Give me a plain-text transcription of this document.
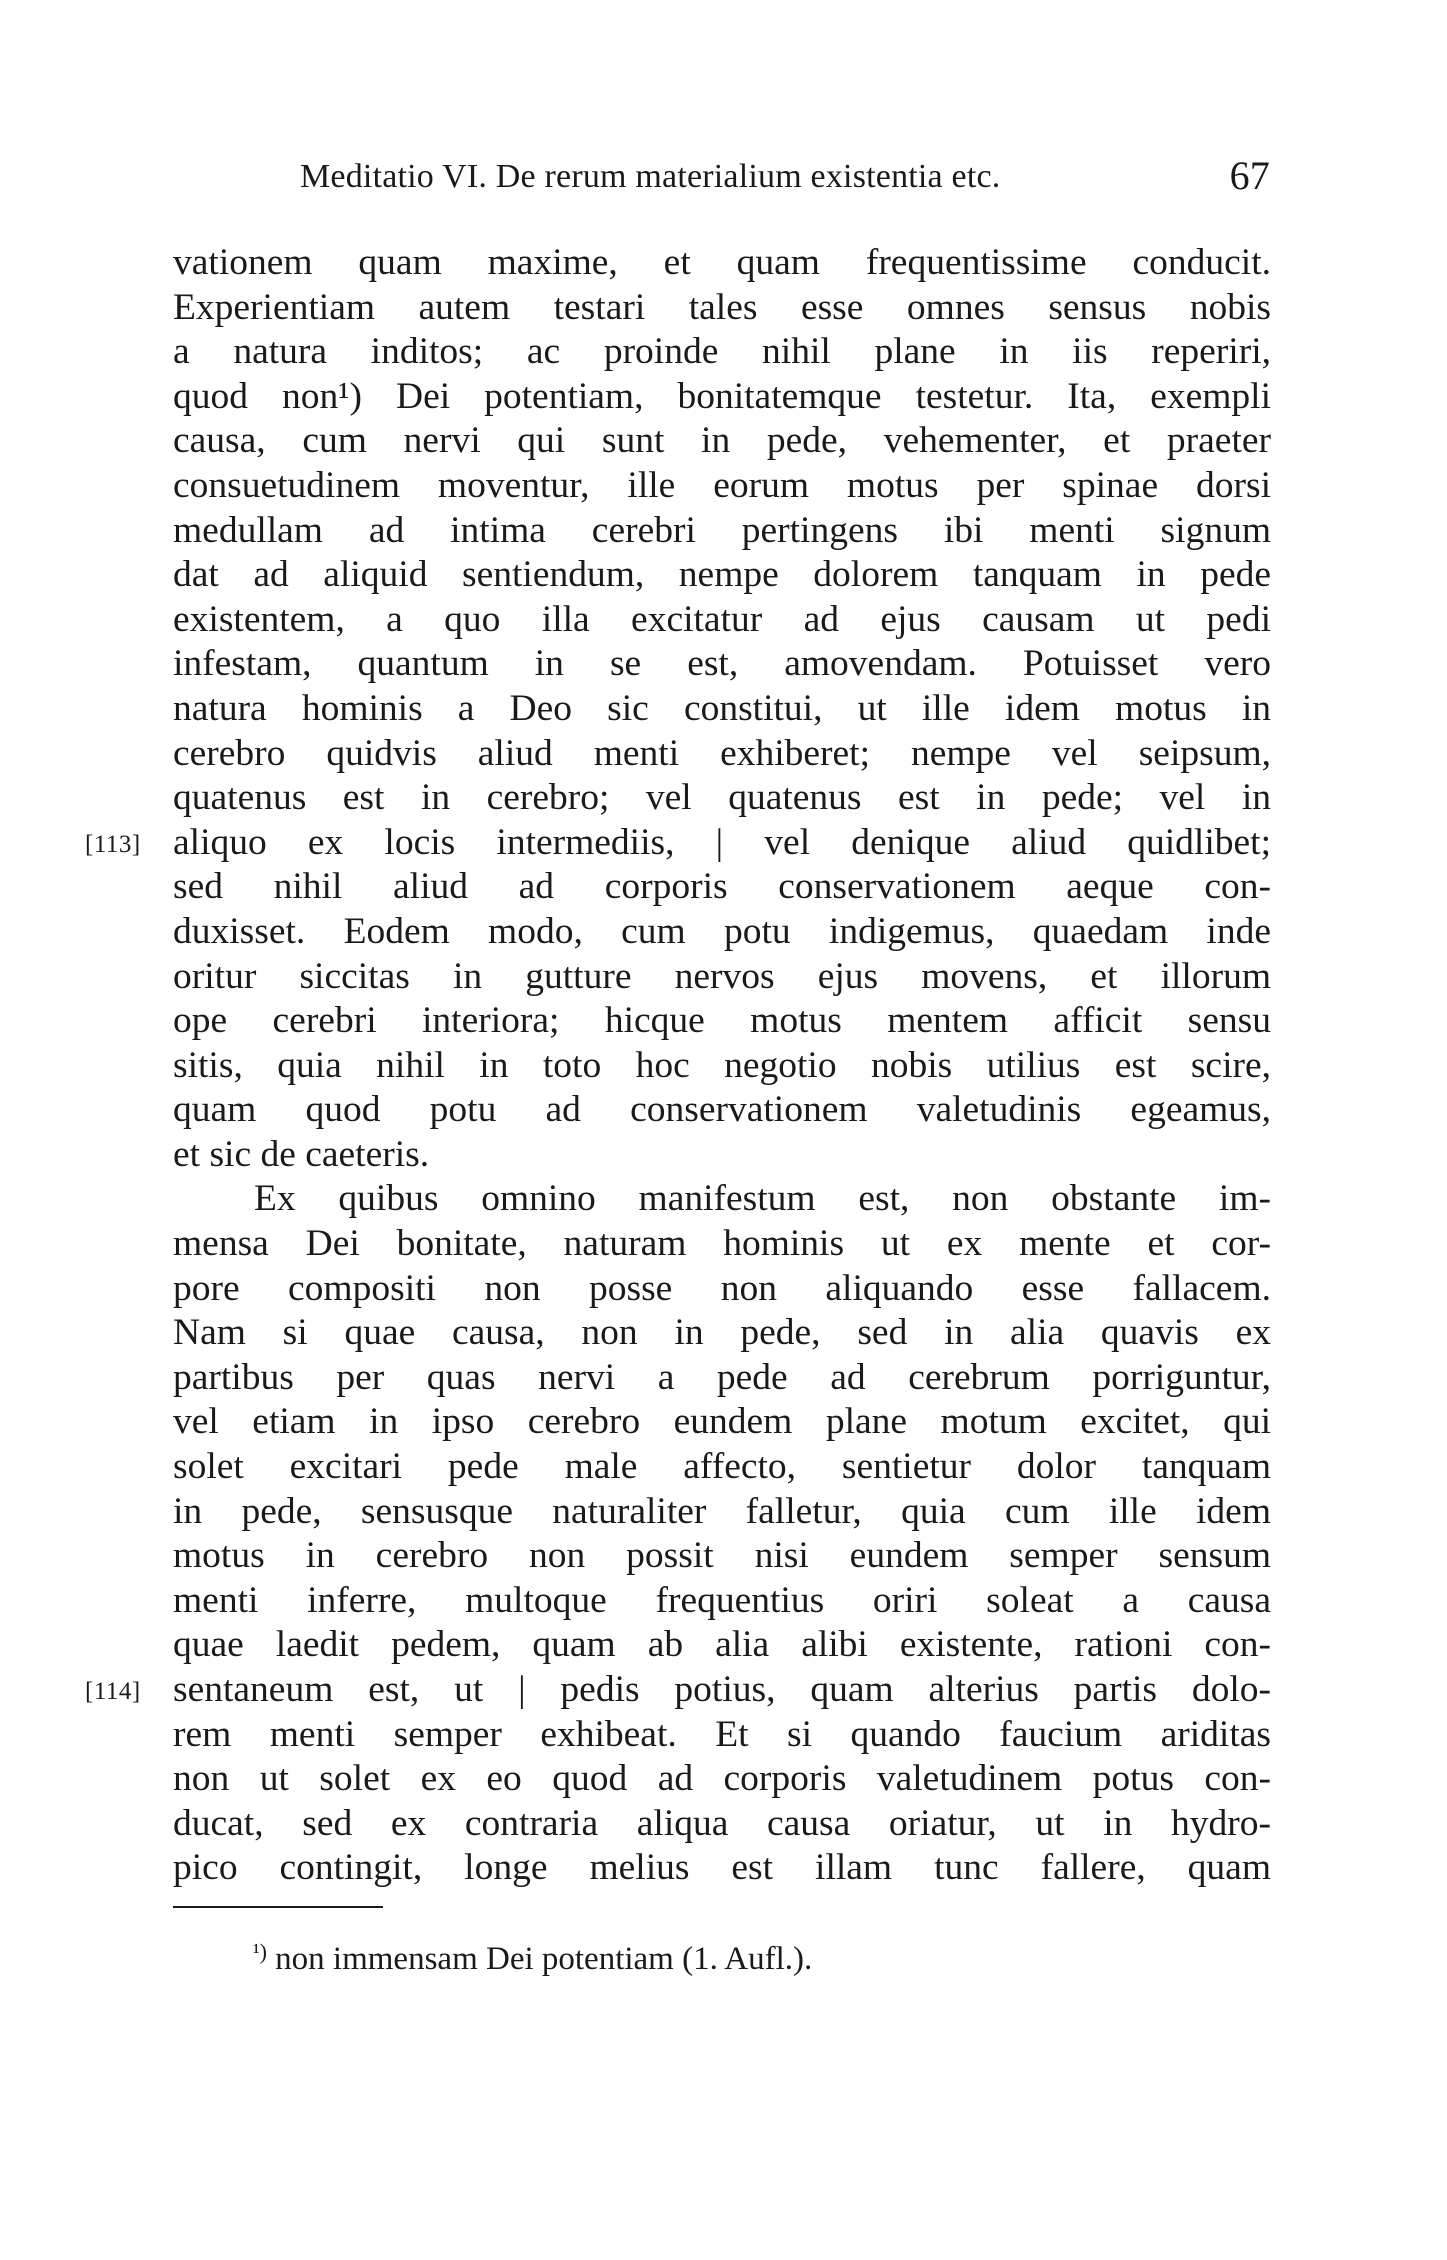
Meditatio VI. De rerum materialium existentia etc.	67
vationem quam maxime, et quam frequentissime conducit.
Experientiam autem testari tales esse omnes sensus nobis
a natura inditos; ac proinde nihil plane in iis reperiri,
quod non¹) Dei potentiam, bonitatemque testetur. Ita, exempli
causa, cum nervi qui sunt in pede, vehementer, et praeter
consuetudinem moventur, ille eorum motus per spinae dorsi
medullam ad intima cerebri pertingens ibi menti signum
dat ad aliquid sentiendum, nempe dolorem tanquam in pede
existentem, a quo illa excitatur ad ejus causam ut pedi
infestam, quantum in se est, amovendam. Potuisset vero
natura hominis a Deo sic constitui, ut ille idem motus in
cerebro quidvis aliud menti exhiberet; nempe vel seipsum,
quatenus est in cerebro; vel quatenus est in pede; vel in
[113] aliquo ex locis intermediis, | vel denique aliud quidlibet;
sed nihil aliud ad corporis conservationem aeque con-
duxisset. Eodem modo, cum potu indigemus, quaedam inde
oritur siccitas in gutture nervos ejus movens, et illorum
ope cerebri interiora; hicque motus mentem afficit sensu
sitis, quia nihil in toto hoc negotio nobis utilius est scire,
quam quod potu ad conservationem valetudinis egeamus,
et sic de caeteris.
Ex quibus omnino manifestum est, non obstante im-
mensa Dei bonitate, naturam hominis ut ex mente et cor-
pore compositi non posse non aliquando esse fallacem.
Nam si quae causa, non in pede, sed in alia quavis ex
partibus per quas nervi a pede ad cerebrum porriguntur,
vel etiam in ipso cerebro eundem plane motum excitet, qui
solet excitari pede male affecto, sentietur dolor tanquam
in pede, sensusque naturaliter falletur, quia cum ille idem
motus in cerebro non possit nisi eundem semper sensum
menti inferre, multoque frequentius oriri soleat a causa
quae laedit pedem, quam ab alia alibi existente, rationi con-
[114] sentaneum est, ut | pedis potius, quam alterius partis dolo-
rem menti semper exhibeat. Et si quando faucium ariditas
non ut solet ex eo quod ad corporis valetudinem potus con-
ducat, sed ex contraria aliqua causa oriatur, ut in hydro-
pico contingit, longe melius est illam tunc fallere, quam
$^{^1)}$ non immensam Dei potentiam (1. Aufl.).
